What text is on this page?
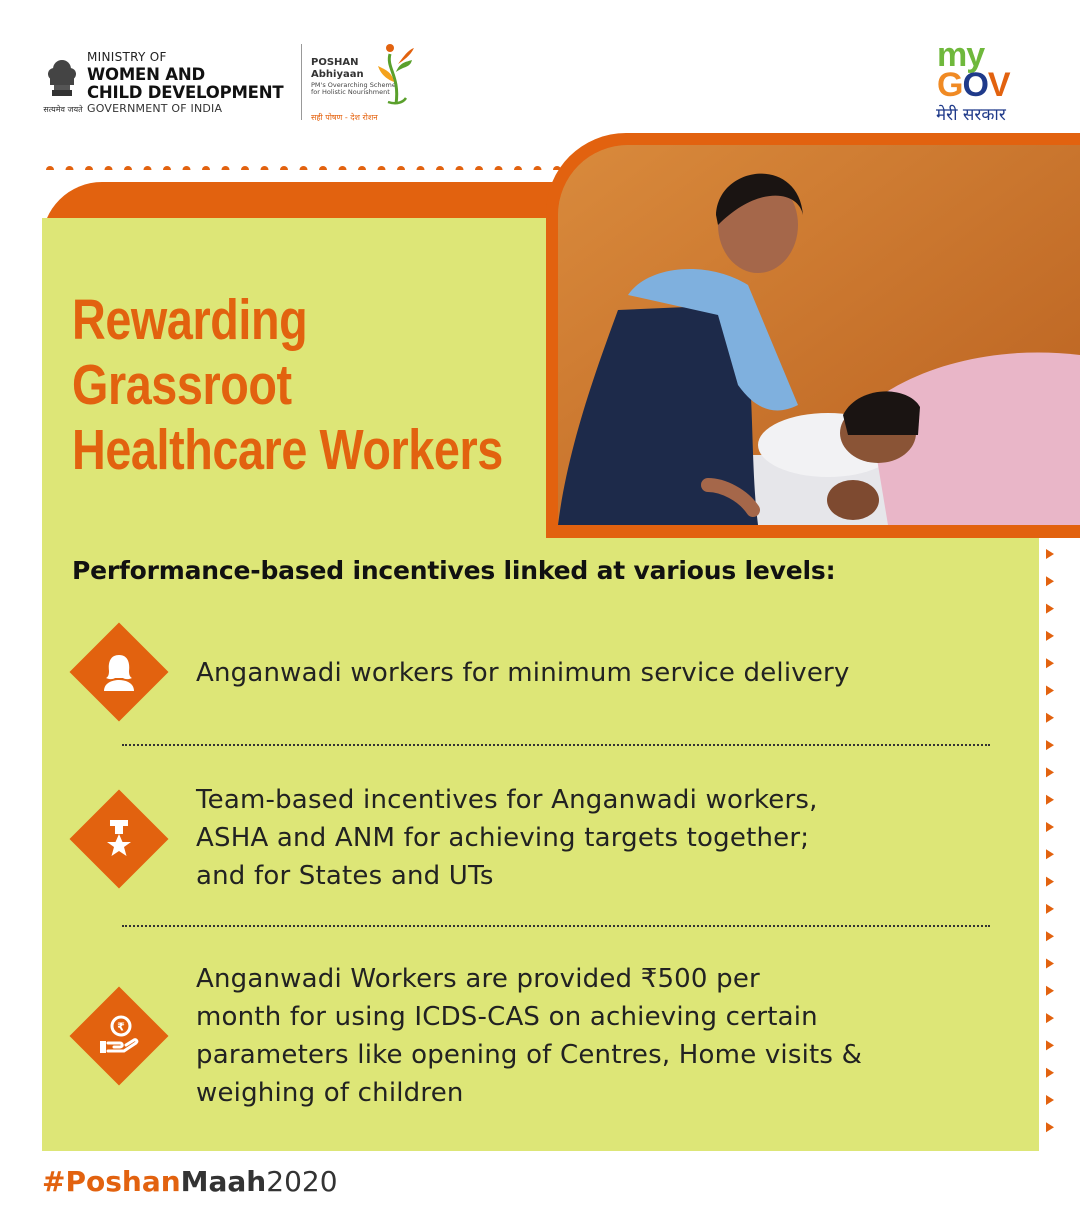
सत्यमेव जयते
MINISTRY OF
WOMEN AND
CHILD DEVELOPMENT
GOVERNMENT OF INDIA
POSHAN
Abhiyaan
PM's Overarching Scheme for Holistic Nourishment
सही पोषण - देश रोशन
my
GOV
मेरी सरकार
Rewarding
Grassroot
Healthcare Workers
Performance-based incentives linked at various levels:
Anganwadi workers for minimum service delivery
Team-based incentives for Anganwadi workers,
ASHA and ANM for achieving targets together;
and for States and UTs
₹
Anganwadi Workers are provided ₹500 per
month for using ICDS-CAS on achieving certain
parameters like opening of Centres, Home visits &
weighing of children
#PoshanMaah2020
